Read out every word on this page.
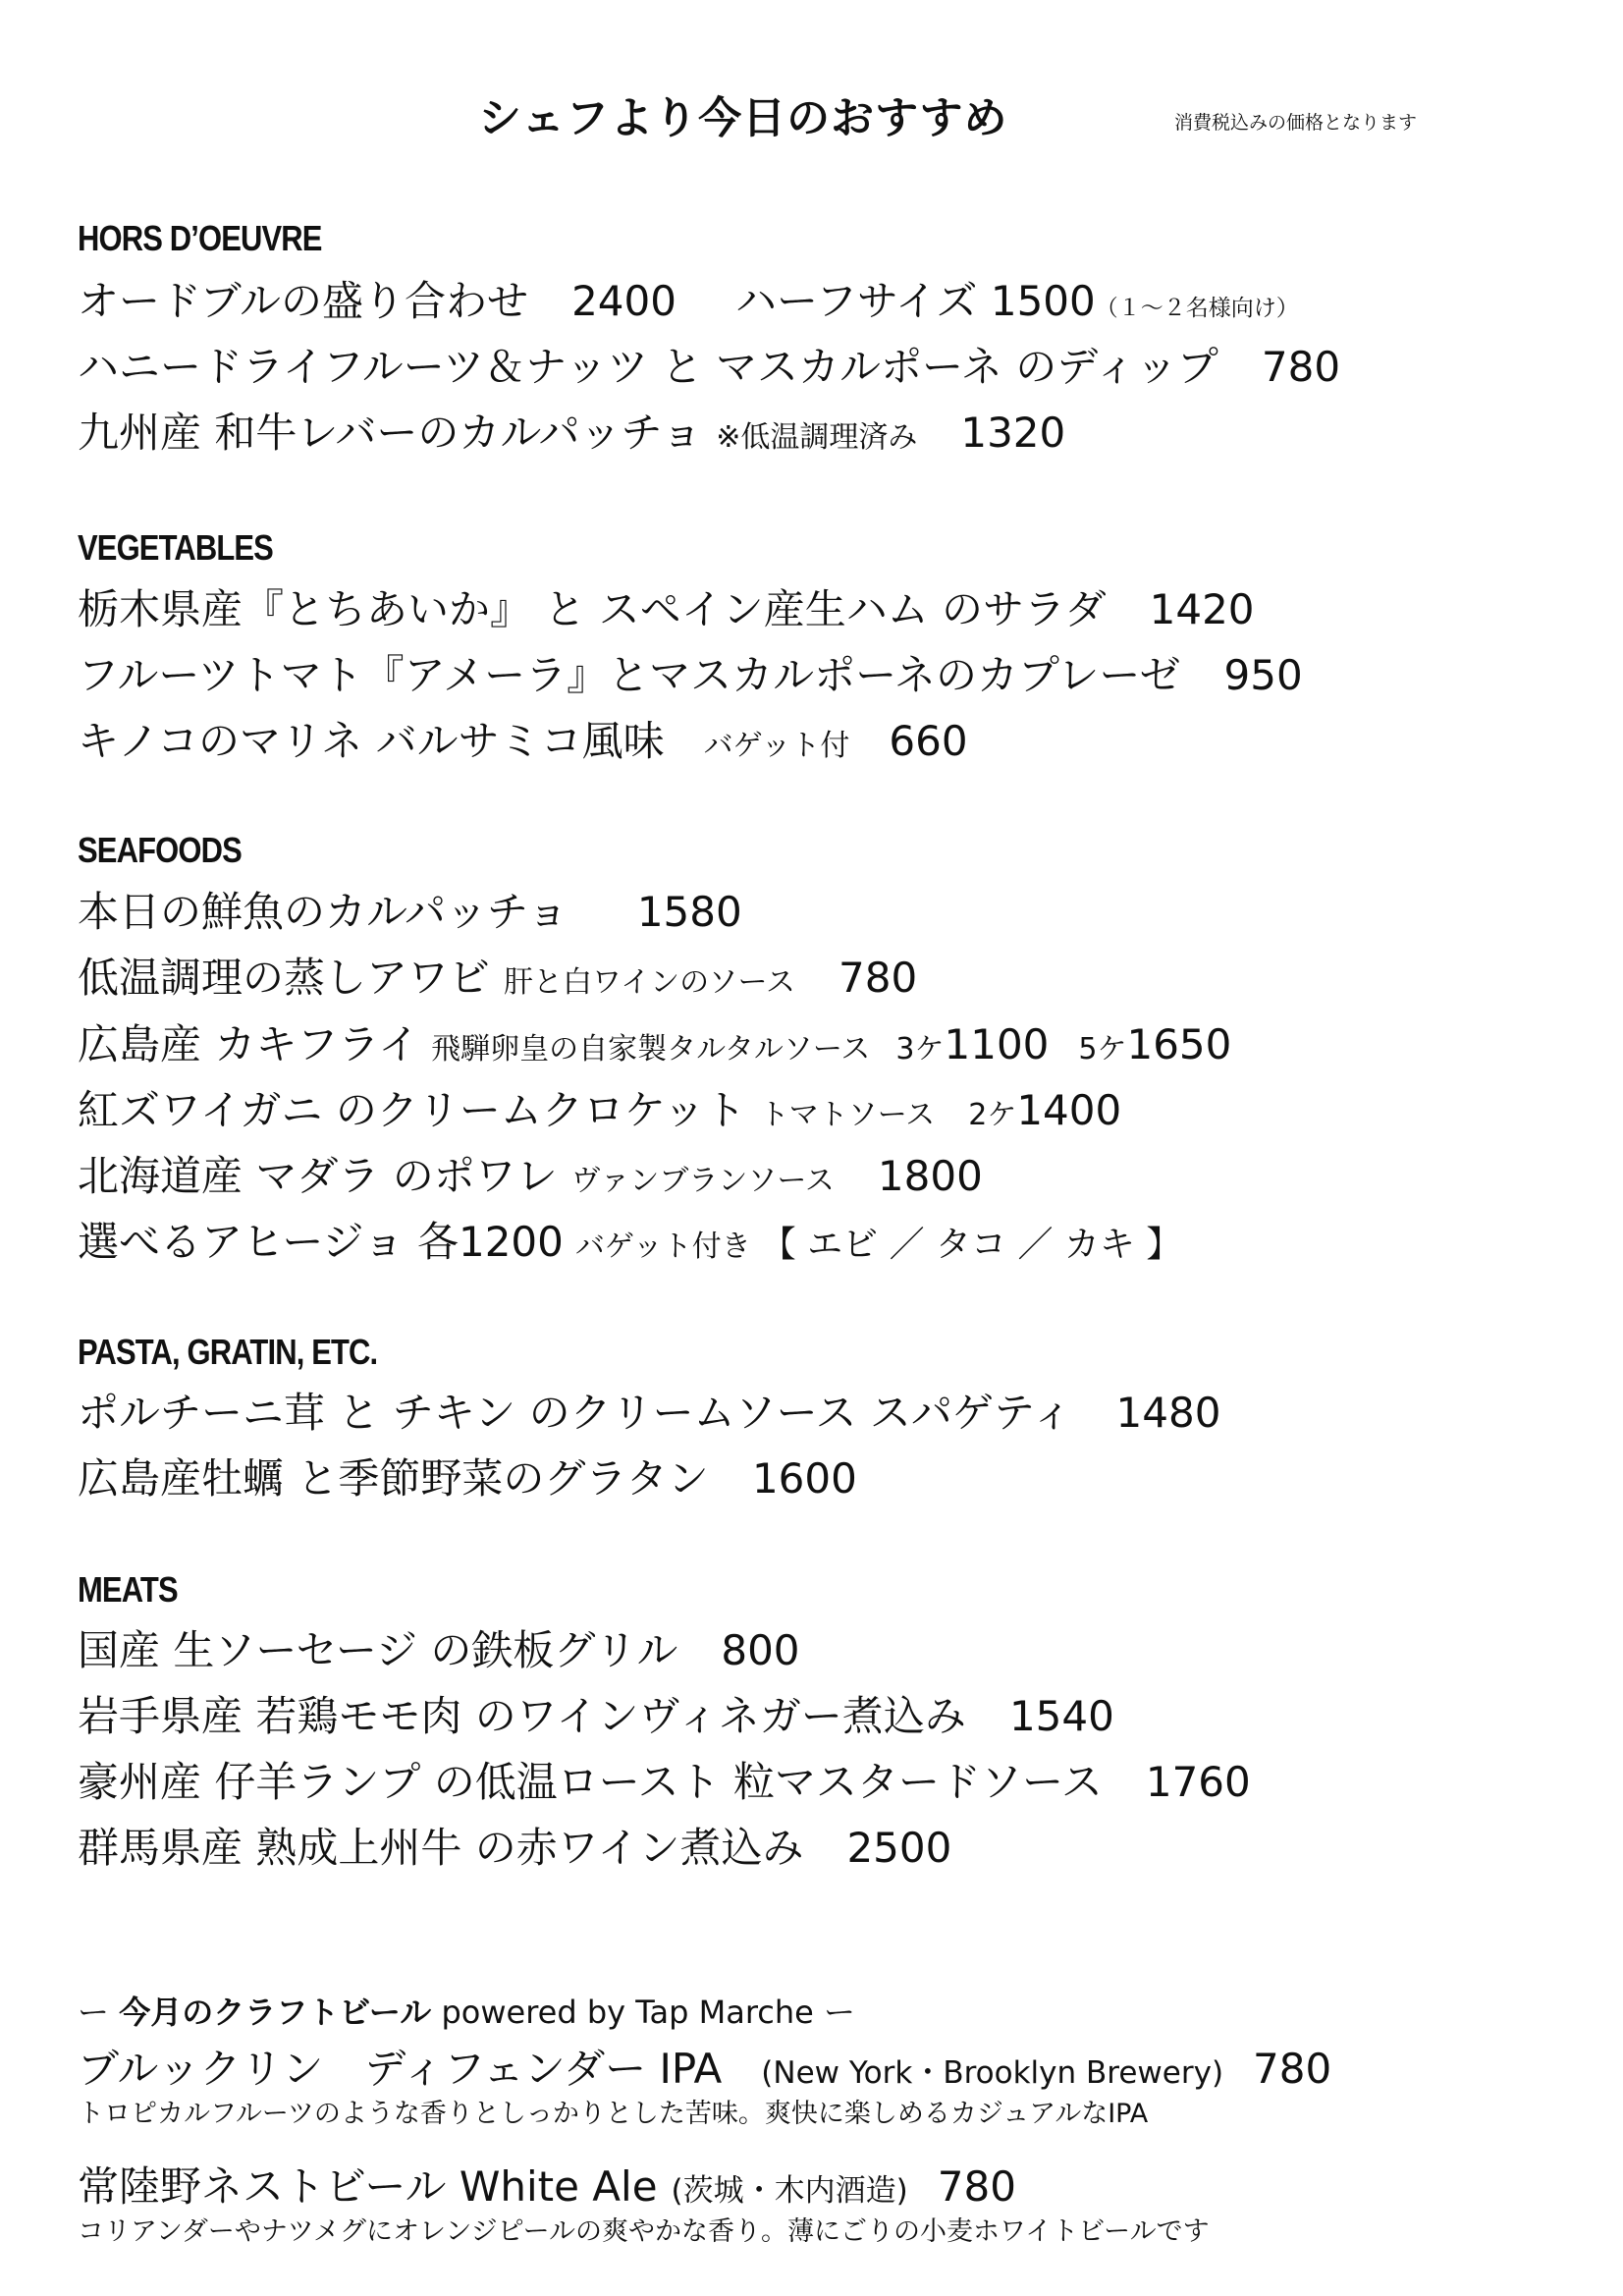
シェフより今日のおすすめ	消費税込みの価格となります
HORS D’OEUVRE
オードブルの盛り合わせ 2400 ハーフサイズ 1500（１～２名様向け）
ハニードライフルーツ＆ナッツ と マスカルポーネ のディップ 780
九州産 和牛レバーのカルパッチョ ※低温調理済み 1320
VEGETABLES
栃木県産『とちあいか』 と スペイン産生ハム のサラダ 1420
フルーツトマト『アメーラ』とマスカルポーネのカプレーゼ 950
キノコのマリネ バルサミコ風味 バゲット付 660
SEAFOODS
本日の鮮魚のカルパッチョ 1580
低温調理の蒸しアワビ 肝と白ワインのソース 780
広島産 カキフライ 飛騨卵皇の自家製タルタルソース 3ケ1100 5ケ1650
紅ズワイガニ のクリームクロケット トマトソース 2ケ1400
北海道産 マダラ のポワレ ヴァンブランソース 1800
選べるアヒージョ 各1200 バゲット付き 【 エビ ／ タコ ／ カキ 】
PASTA, GRATIN, ETC.
ポルチーニ茸 と チキン のクリームソース スパゲティ 1480
広島産牡蠣 と季節野菜のグラタン 1600
MEATS
国産 生ソーセージ の鉄板グリル 800
岩手県産 若鶏モモ肉 のワインヴィネガー煮込み 1540
豪州産 仔羊ランプ の低温ロースト 粒マスタードソース 1760
群馬県産 熟成上州牛 の赤ワイン煮込み 2500
ー 今月のクラフトビール powered by Tap Marche ー
ブルックリン　ディフェンダー IPA (New York・Brooklyn Brewery) 780
トロピカルフルーツのような香りとしっかりとした苦味。爽快に楽しめるカジュアルなIPA
常陸野ネストビール White Ale (茨城・木内酒造) 780
コリアンダーやナツメグにオレンジピールの爽やかな香り。薄にごりの小麦ホワイトビールです
